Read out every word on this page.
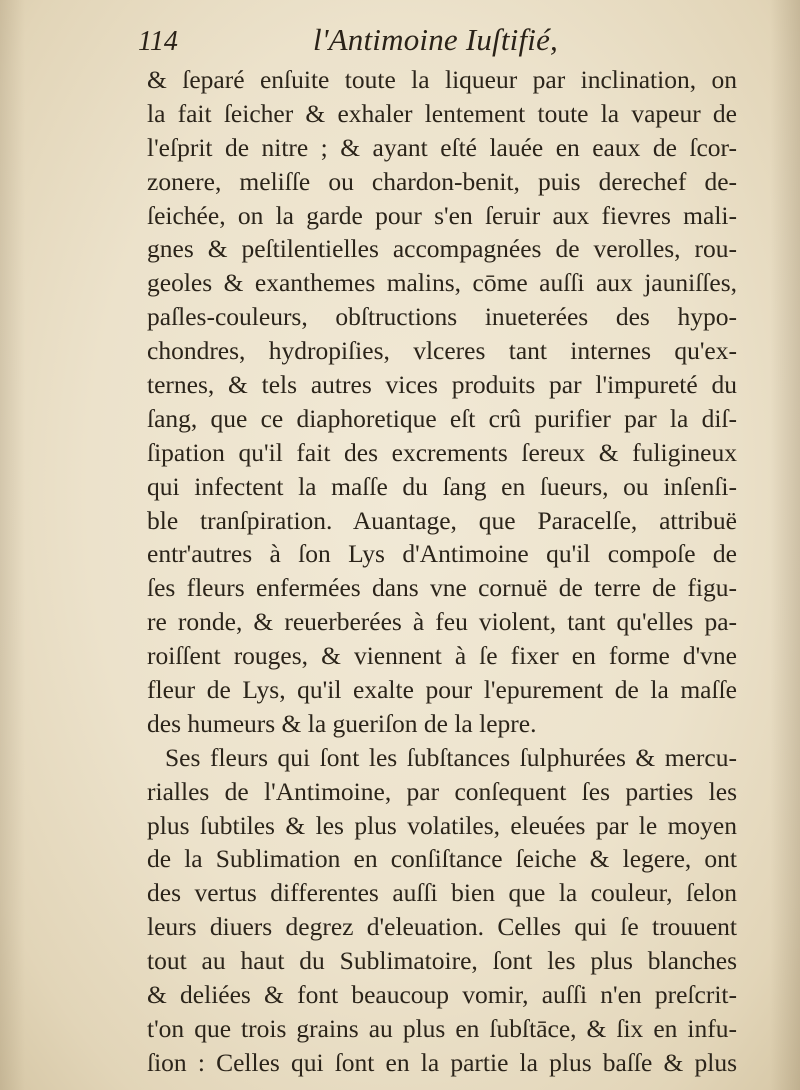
114	l'Antimoine Iuſtifié,
& ſeparé enſuite toute la liqueur par inclination, on
la fait ſeicher & exhaler lentement toute la vapeur de
l'eſprit de nitre ; & ayant eſté lauée en eaux de ſcor-
zonere, meliſſe ou chardon-benit, puis derechef de-
ſeichée, on la garde pour s'en ſeruir aux fievres mali-
gnes & peſtilentielles accompagnées de verolles, rou-
geoles & exanthemes malins, cōme auſſi aux jauniſſes,
paſles-couleurs, obſtructions inueterées des hypo-
chondres, hydropiſies, vlceres tant internes qu'ex-
ternes, & tels autres vices produits par l'impureté du
ſang, que ce diaphoretique eſt crû purifier par la diſ-
ſipation qu'il fait des excrements ſereux & fuligineux
qui infectent la maſſe du ſang en ſueurs, ou inſenſi-
ble tranſpiration. Auantage, que Paracelſe, attribuë
entr'autres à ſon Lys d'Antimoine qu'il compoſe de
ſes fleurs enfermées dans vne cornuë de terre de figu-
re ronde, & reuerberées à feu violent, tant qu'elles pa-
roiſſent rouges, & viennent à ſe fixer en forme d'vne
fleur de Lys, qu'il exalte pour l'epurement de la maſſe
des humeurs & la gueriſon de la lepre.
Ses fleurs qui ſont les ſubſtances ſulphurées & mercu-
rialles de l'Antimoine, par conſequent ſes parties les
plus ſubtiles & les plus volatiles, eleuées par le moyen
de la Sublimation en conſiſtance ſeiche & legere, ont
des vertus differentes auſſi bien que la couleur, ſelon
leurs diuers degrez d'eleuation. Celles qui ſe trouuent
tout au haut du Sublimatoire, ſont les plus blanches
& deliées & font beaucoup vomir, auſſi n'en preſcrit-
t'on que trois grains au plus en ſubſtāce, & ſix en infu-
ſion : Celles qui ſont en la partie la plus baſſe & plus
